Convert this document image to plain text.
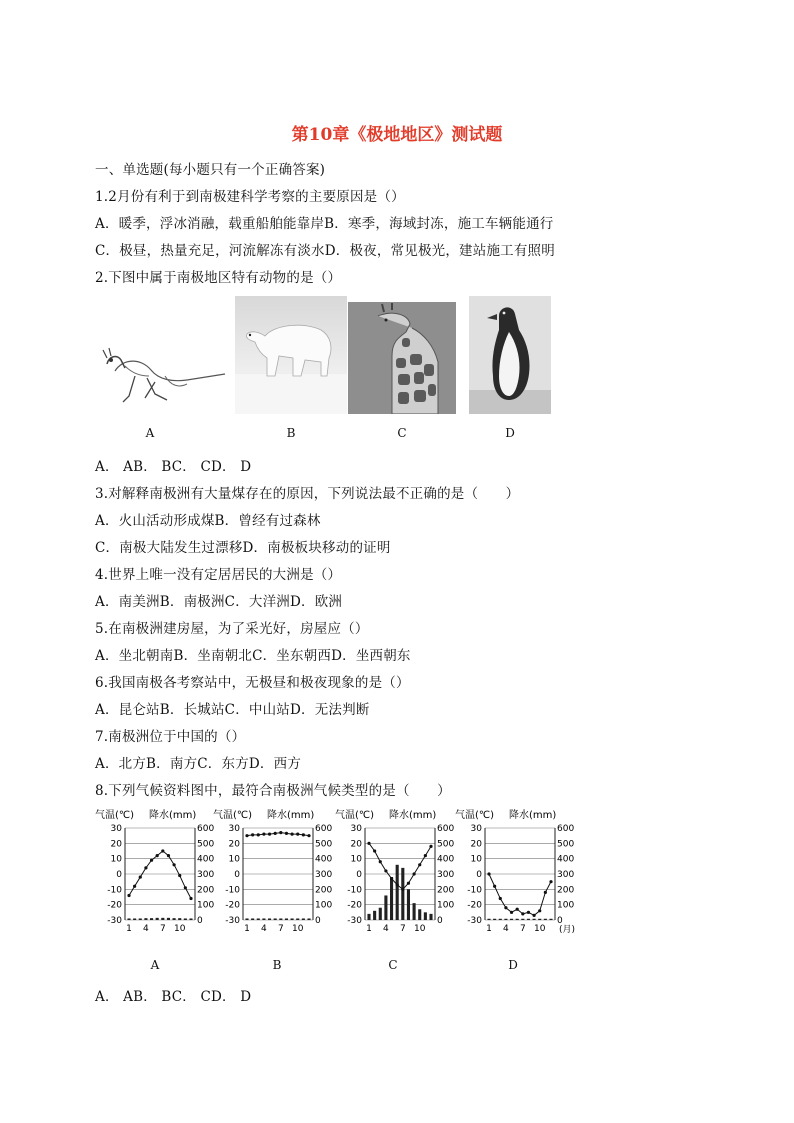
第10章《极地地区》测试题
一、单选题(每小题只有一个正确答案)
1.2月份有利于到南极建科学考察的主要原因是（）
A．暖季，浮冰消融，载重船舶能靠岸B．寒季，海域封冻，施工车辆能通行
C．极昼，热量充足，河流解冻有淡水D．极夜，常见极光，建站施工有照明
2.下图中属于南极地区特有动物的是（）
A	B	C	D
A． AB． BC． CD． D
3.对解释南极洲有大量煤存在的原因，下列说法最不正确的是（　　）
A．火山活动形成煤B．曾经有过森林
C．南极大陆发生过漂移D．南极板块移动的证明
4.世界上唯一没有定居居民的大洲是（）
A．南美洲B．南极洲C．大洋洲D．欧洲
5.在南极洲建房屋，为了采光好，房屋应（）
A．坐北朝南B．坐南朝北C．坐东朝西D．坐西朝东
6.我国南极各考察站中，无极昼和极夜现象的是（）
A．昆仑站B．长城站C．中山站D．无法判断
7.南极洲位于中国的（）
A．北方B．南方C．东方D．西方
8.下列气候资料图中，最符合南极洲气候类型的是（　　）
A	B	C	D
气温(℃) 降水(mm)
30	600
20	500
10	400
0	300
-10	200
-20	100
-30	0
1 4 7 10
气温(℃) 降水(mm)
30	600
20	500
10	400
0	300
-10	200
-20	100
-30	0
1 4 7 10
气温(℃) 降水(mm)
30	600
20	500
10	400
0	300
-10	200
-20	100
-30	0
1 4 7 10
气温(℃) 降水(mm)
30	600
20	500
10	400
0	300
-10	200
-20	100
-30	0
1 4 7 10 (月)
A． AB． BC． CD． D
